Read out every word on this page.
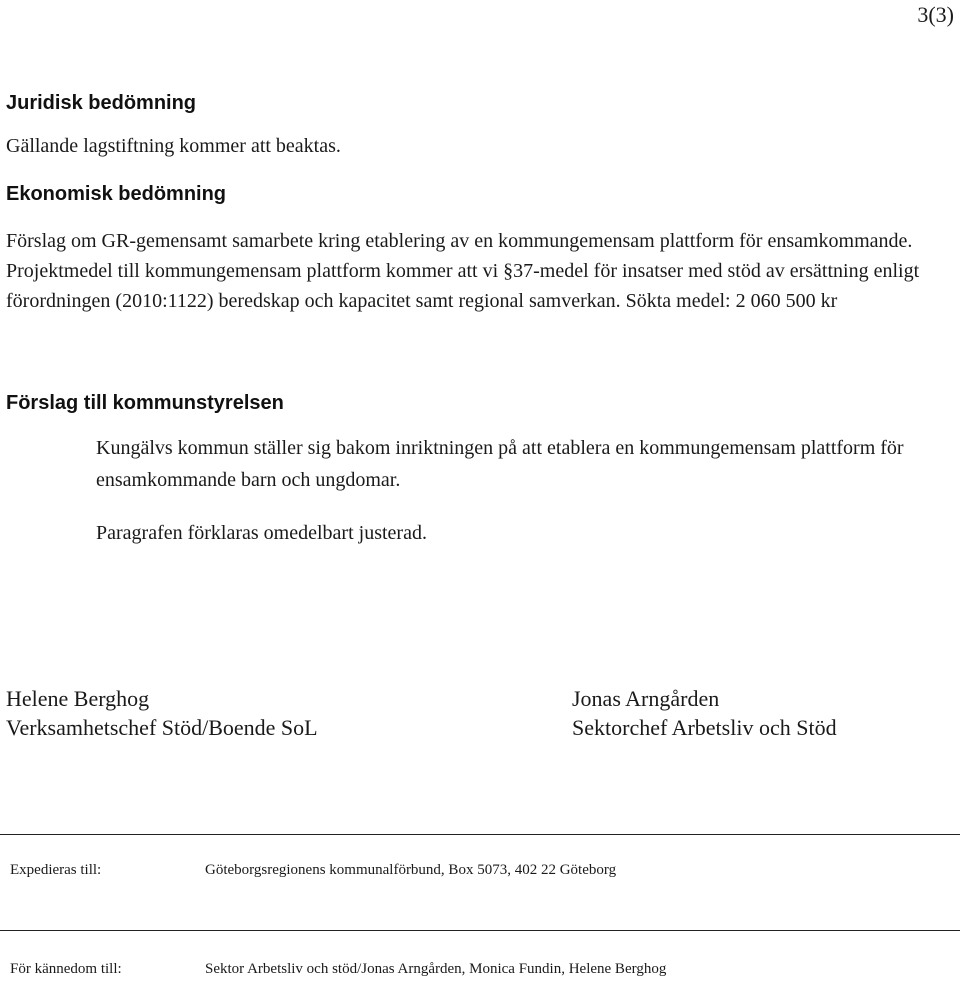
3(3)
Juridisk bedömning

Gällande lagstiftning kommer att beaktas.

Ekonomisk bedömning

Förslag om GR-gemensamt samarbete kring etablering av en kommungemensam plattform för ensamkommande. Projektmedel till kommungemensam plattform kommer att vi §37-medel för insatser med stöd av ersättning enligt förordningen (2010:1122) beredskap och kapacitet samt regional samverkan. Sökta medel: 2 060 500 kr

Förslag till kommunstyrelsen

Kungälvs kommun ställer sig bakom inriktningen på att etablera en kommungemensam plattform för ensamkommande barn och ungdomar.

Paragrafen förklaras omedelbart justerad.

Helene Berghog
Verksamhetschef Stöd/Boende SoL
Jonas Arngården
Sektorchef Arbetsliv och Stöd
Expedieras till:	Göteborgsregionens kommunalförbund, Box 5073, 402 22 Göteborg
För kännedom till:	Sektor Arbetsliv och stöd/Jonas Arngården, Monica Fundin, Helene Berghog
